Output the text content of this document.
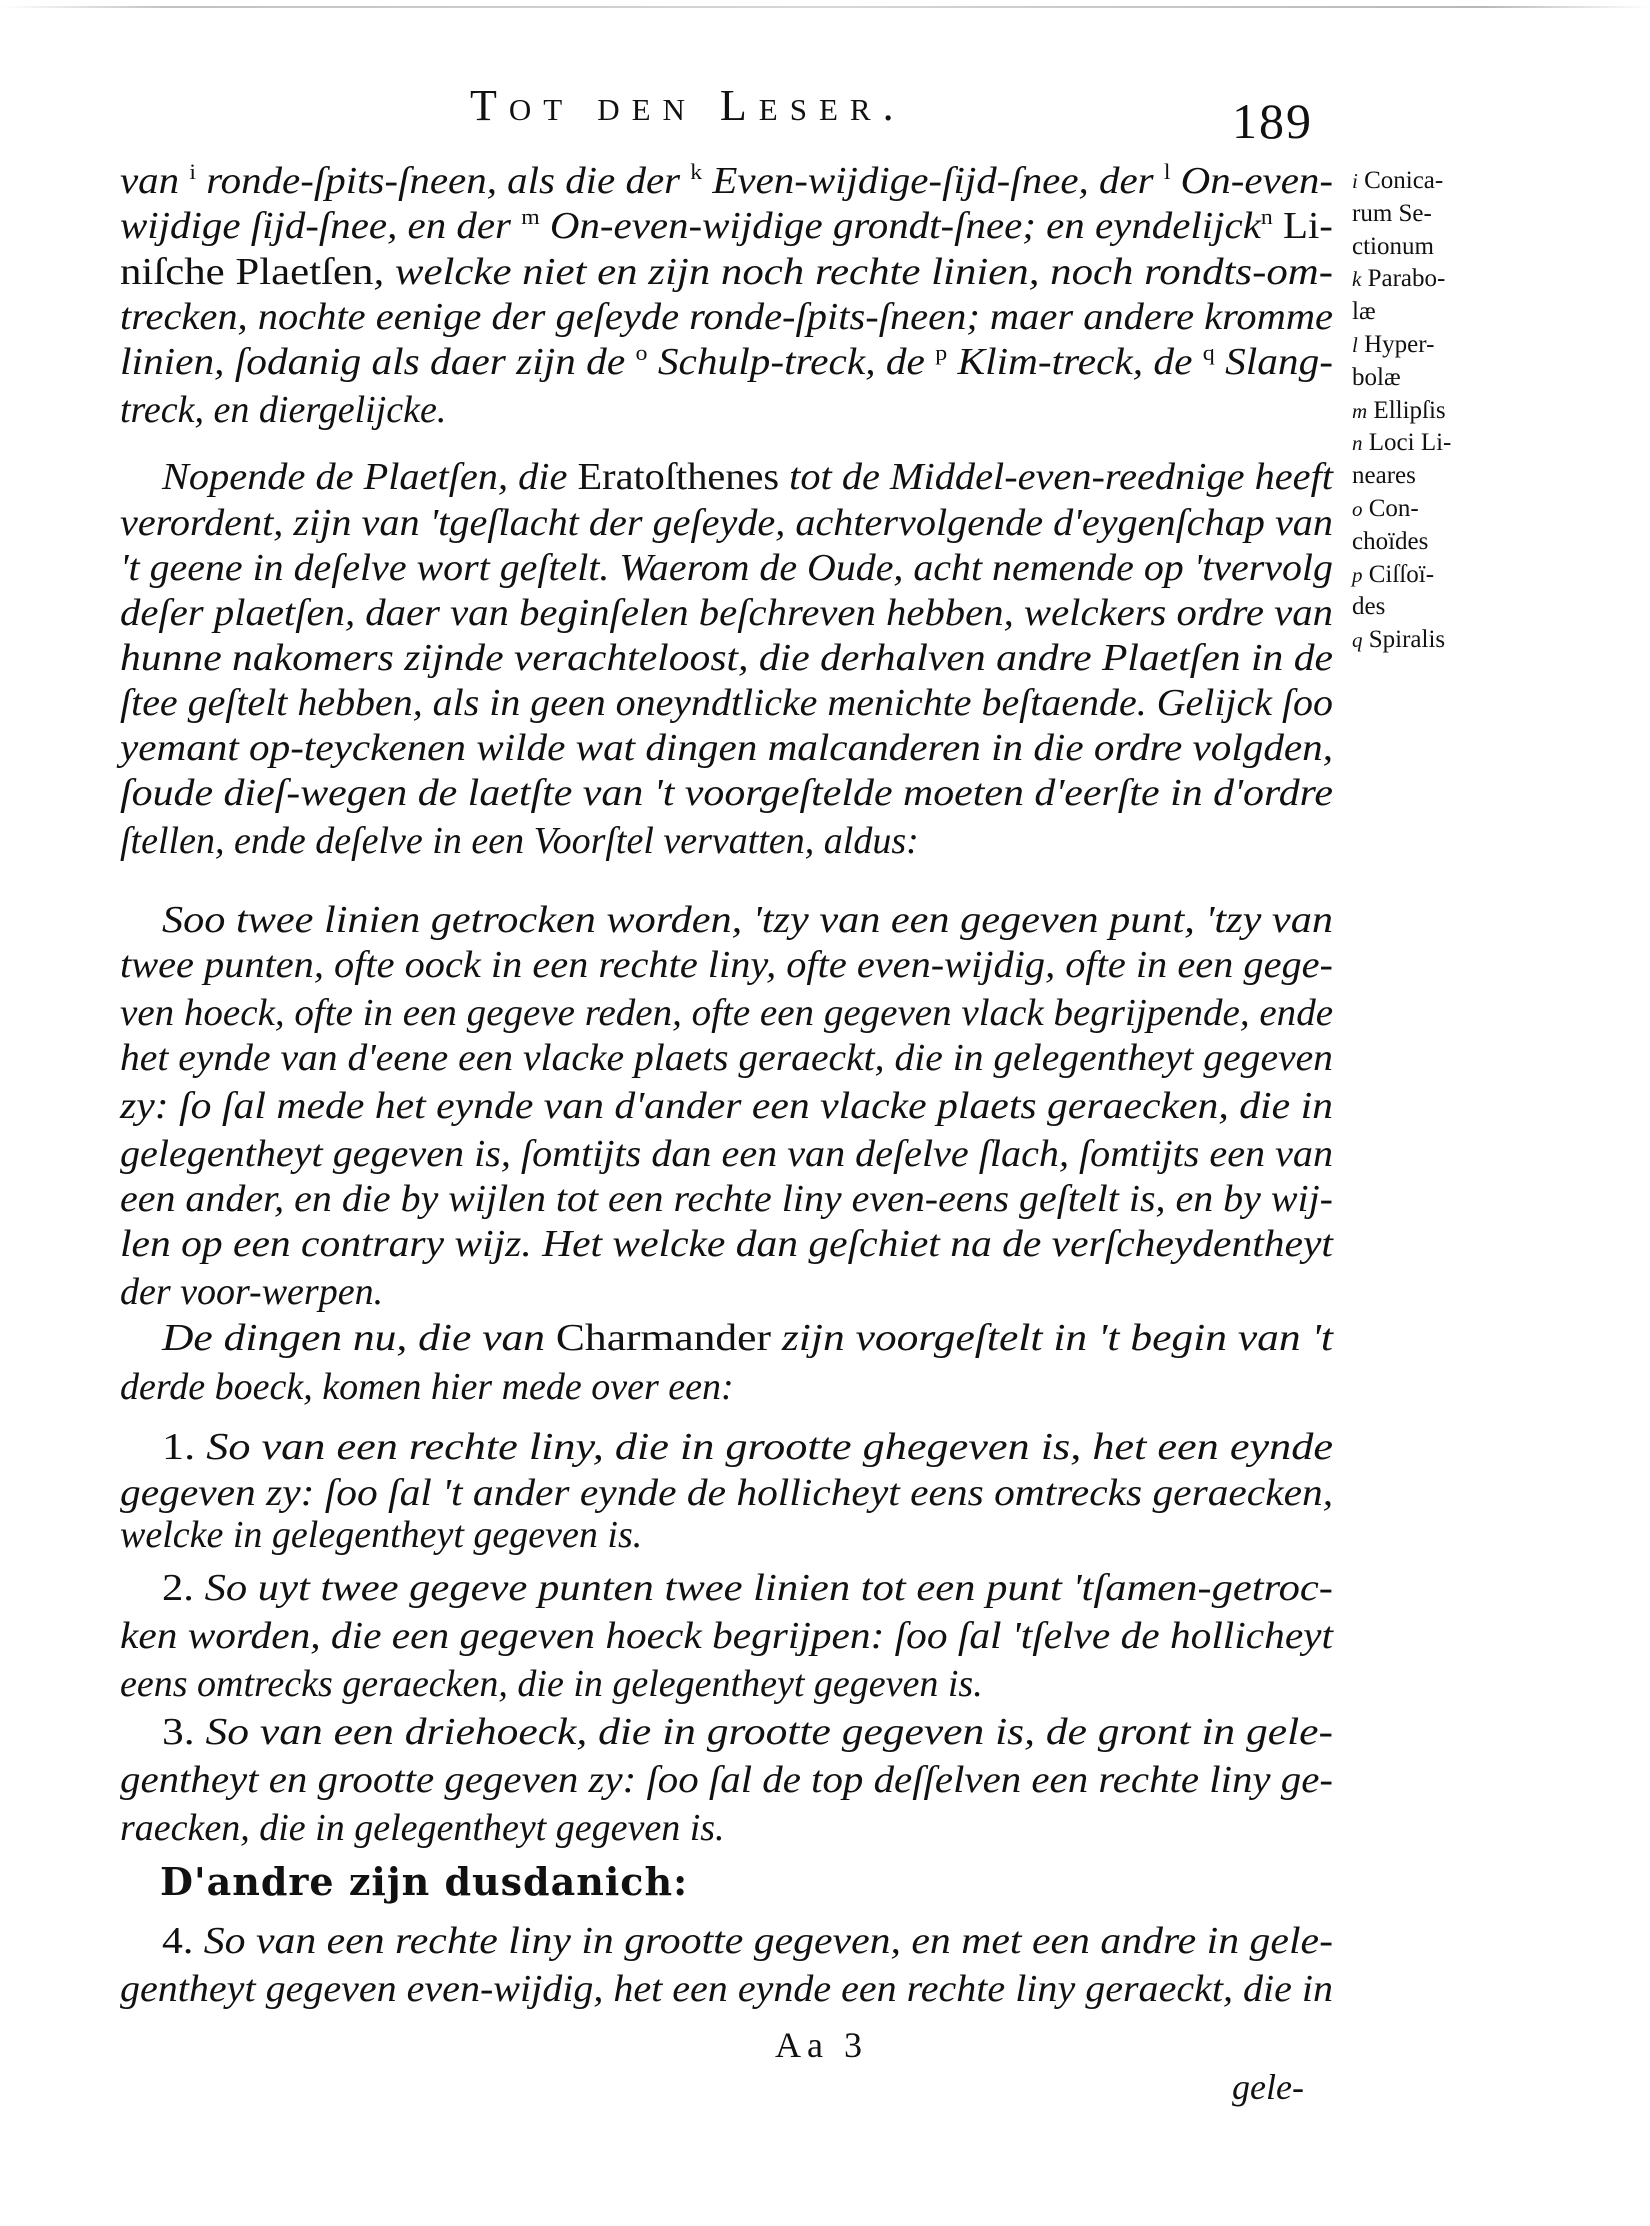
Tot den Leser.	189
van $^i$ ronde-ſpits-ſneen, als die der $^k$ Even-wijdige-ſijd-ſnee, der $^l$ On-even-
wijdige ſijd-ſnee, en der $^m$ On-even-wijdige grondt-ſnee; en eyndelijck$^n$ Li-
niſche Plaetſen, welcke niet en zijn noch rechte linien, noch rondts-om-
trecken, nochte eenige der geſeyde ronde-ſpits-ſneen; maer andere kromme
linien, ſodanig als daer zijn de $^o$ Schulp-treck, de $^p$ Klim-treck, de $^q$ Slang-
treck, en diergelijcke.
Nopende de Plaetſen, die Eratoſthenes tot de Middel-even-reednige heeft
verordent, zijn van 'tgeſlacht der geſeyde, achtervolgende d'eygenſchap van
't geene in deſelve wort geſtelt. Waerom de Oude, acht nemende op 'tvervolg
deſer plaetſen, daer van beginſelen beſchreven hebben, welckers ordre van
hunne nakomers zijnde verachteloost, die derhalven andre Plaetſen in de
ſtee geſtelt hebben, als in geen oneyndtlicke menichte beſtaende. Gelijck ſoo
yemant op-teyckenen wilde wat dingen malcanderen in die ordre volgden,
ſoude dieſ-wegen de laetſte van 't voorgeſtelde moeten d'eerſte in d'ordre
ſtellen, ende deſelve in een Voorſtel vervatten, aldus:
Soo twee linien getrocken worden, 'tzy van een gegeven punt, 'tzy van
twee punten, ofte oock in een rechte liny, ofte even-wijdig, ofte in een gege-
ven hoeck, ofte in een gegeve reden, ofte een gegeven vlack begrijpende, ende
het eynde van d'eene een vlacke plaets geraeckt, die in gelegentheyt gegeven
zy: ſo ſal mede het eynde van d'ander een vlacke plaets geraecken, die in
gelegentheyt gegeven is, ſomtijts dan een van deſelve ſlach, ſomtijts een van
een ander, en die by wijlen tot een rechte liny even-eens geſtelt is, en by wij-
len op een contrary wijz. Het welcke dan geſchiet na de verſcheydentheyt
der voor-werpen.
De dingen nu, die van Charmander zijn voorgeſtelt in 't begin van 't
derde boeck, komen hier mede over een:
1. So van een rechte liny, die in grootte ghegeven is, het een eynde
gegeven zy: ſoo ſal 't ander eynde de hollicheyt eens omtrecks geraecken,
welcke in gelegentheyt gegeven is.
2. So uyt twee gegeve punten twee linien tot een punt 'tſamen-getroc-
ken worden, die een gegeven hoeck begrijpen: ſoo ſal 'tſelve de hollicheyt
eens omtrecks geraecken, die in gelegentheyt gegeven is.
3. So van een driehoeck, die in grootte gegeven is, de gront in gele-
gentheyt en grootte gegeven zy: ſoo ſal de top deſſelven een rechte liny ge-
raecken, die in gelegentheyt gegeven is.
D'andre zijn dusdanich:
4. So van een rechte liny in grootte gegeven, en met een andre in gele-
gentheyt gegeven even-wijdig, het een eynde een rechte liny geraeckt, die in
i Conica-
rum Se-
ctionum
k Parabo-
læ
l Hyper-
bolæ
m Ellipſis
n Loci Li-
neares
o Con-
choïdes
p Ciſſoï-
des
q Spiralis
Aa 3
gele-
